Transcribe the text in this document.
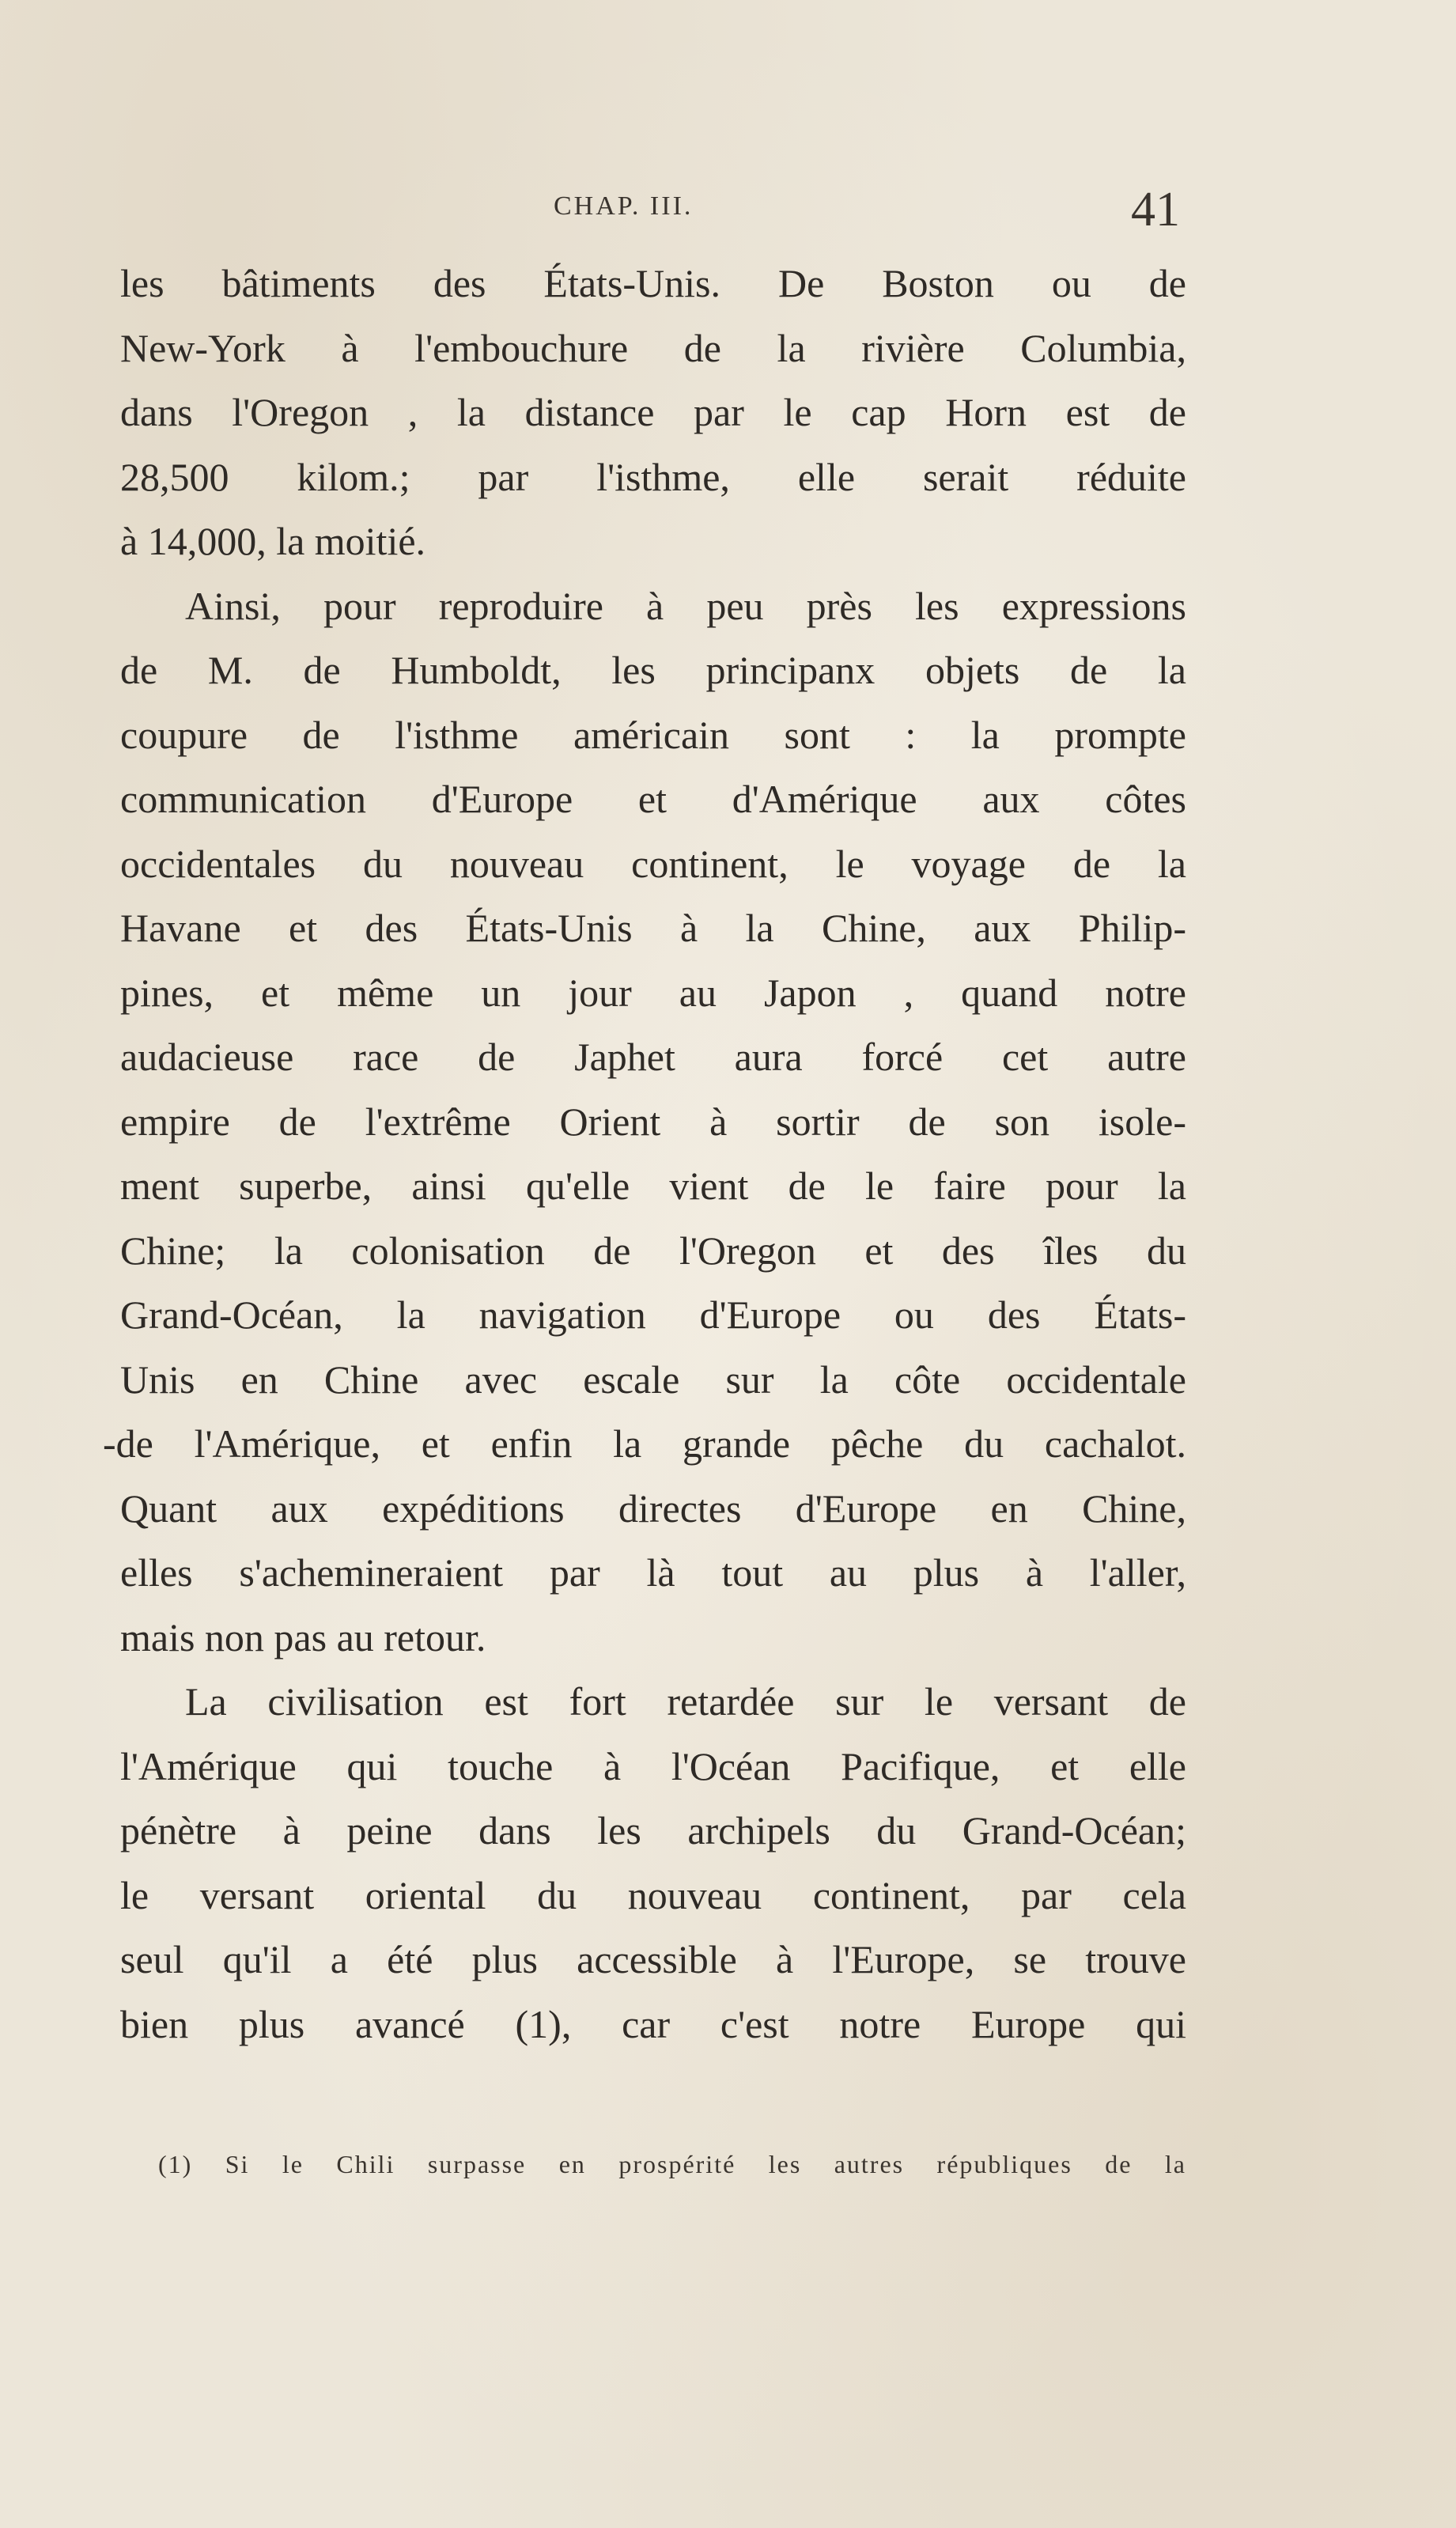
CHAP. III.	41
les bâtiments des États-Unis. De Boston ou de
New-York à l'embouchure de la rivière Columbia,
dans l'Oregon , la distance par le cap Horn est de
28,500 kilom.; par l'isthme, elle serait réduite
à 14,000, la moitié.
Ainsi, pour reproduire à peu près les expressions
de M. de Humboldt, les principanx objets de la
coupure de l'isthme américain sont : la prompte
communication d'Europe et d'Amérique aux côtes
occidentales du nouveau continent, le voyage de la
Havane et des États-Unis à la Chine, aux Philip-
pines, et même un jour au Japon , quand notre
audacieuse race de Japhet aura forcé cet autre
empire de l'extrême Orient à sortir de son isole-
ment superbe, ainsi qu'elle vient de le faire pour la
Chine; la colonisation de l'Oregon et des îles du
Grand-Océan, la navigation d'Europe ou des États-
Unis en Chine avec escale sur la côte occidentale
-de l'Amérique, et enfin la grande pêche du cachalot.
Quant aux expéditions directes d'Europe en Chine,
elles s'achemineraient par là tout au plus à l'aller,
mais non pas au retour.
La civilisation est fort retardée sur le versant de
l'Amérique qui touche à l'Océan Pacifique, et elle
pénètre à peine dans les archipels du Grand-Océan;
le versant oriental du nouveau continent, par cela
seul qu'il a été plus accessible à l'Europe, se trouve
bien plus avancé (1), car c'est notre Europe qui
(1) Si le Chili surpasse en prospérité les autres républiques de la
